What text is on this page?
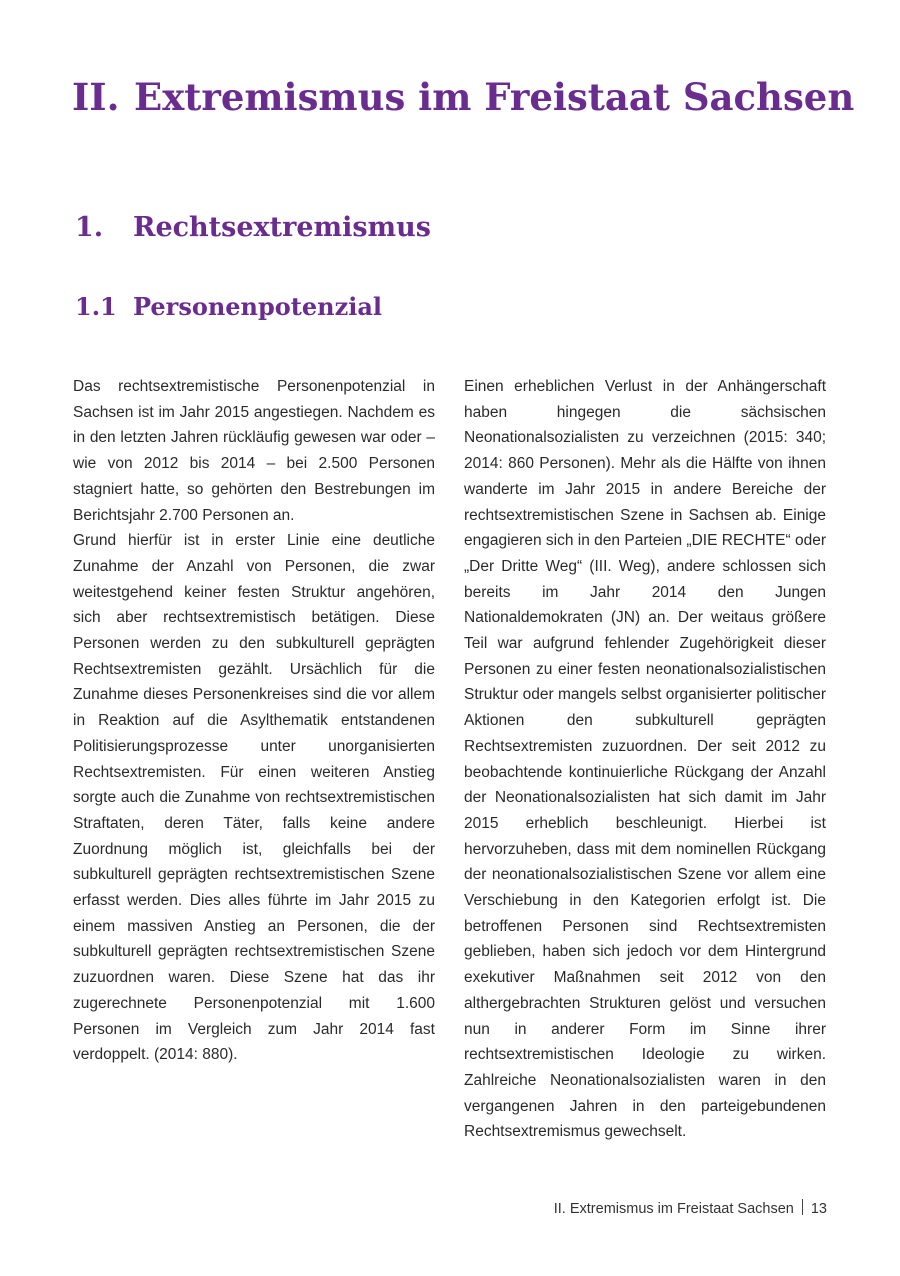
II. Extremismus im Freistaat Sachsen
1. Rechtsextremismus
1.1 Personenpotenzial

Das rechtsextremistische Personenpotenzial in Sachsen ist im Jahr 2015 angestiegen. Nachdem es in den letzten Jahren rückläufig gewesen war oder – wie von 2012 bis 2014 – bei 2.500 Personen stagniert hatte, so gehörten den Bestrebungen im Berichtsjahr 2.700 Personen an.

Grund hierfür ist in erster Linie eine deutliche Zunahme der Anzahl von Personen, die zwar weitestgehend keiner festen Struktur angehören, sich aber rechtsextremistisch betätigen. Diese Personen werden zu den subkulturell geprägten Rechtsextremisten gezählt. Ursächlich für die Zunahme dieses Personenkreises sind die vor allem in Reaktion auf die Asylthematik entstandenen Politisierungsprozesse unter unorganisierten Rechtsextremisten. Für einen weiteren Anstieg sorgte auch die Zunahme von rechtsextremistischen Straftaten, deren Täter, falls keine andere Zuordnung möglich ist, gleichfalls bei der subkulturell geprägten rechtsextremistischen Szene erfasst werden. Dies alles führte im Jahr 2015 zu einem massiven Anstieg an Personen, die der subkulturell geprägten rechtsextremistischen Szene zuzuordnen waren. Diese Szene hat das ihr zugerechnete Personenpotenzial mit 1.600 Personen im Vergleich zum Jahr 2014 fast verdoppelt. (2014: 880).

Einen erheblichen Verlust in der Anhängerschaft haben hingegen die sächsischen Neonationalsozialisten zu verzeichnen (2015: 340; 2014: 860 Personen). Mehr als die Hälfte von ihnen wanderte im Jahr 2015 in andere Bereiche der rechtsextremistischen Szene in Sachsen ab. Einige engagieren sich in den Parteien „DIE RECHTE“ oder „Der Dritte Weg“ (III. Weg), andere schlossen sich bereits im Jahr 2014 den Jungen Nationaldemokraten (JN) an. Der weitaus größere Teil war aufgrund fehlender Zugehörigkeit dieser Personen zu einer festen neonationalsozialistischen Struktur oder mangels selbst organisierter politischer Aktionen den subkulturell geprägten Rechtsextremisten zuzuordnen. Der seit 2012 zu beobachtende kontinuierliche Rückgang der Anzahl der Neonationalsozialisten hat sich damit im Jahr 2015 erheblich beschleunigt. Hierbei ist hervorzuheben, dass mit dem nominellen Rückgang der neonationalsozialistischen Szene vor allem eine Verschiebung in den Kategorien erfolgt ist. Die betroffenen Personen sind Rechtsextremisten geblieben, haben sich jedoch vor dem Hintergrund exekutiver Maßnahmen seit 2012 von den althergebrachten Strukturen gelöst und versuchen nun in anderer Form im Sinne ihrer rechtsextremistischen Ideologie zu wirken. Zahlreiche Neonationalsozialisten waren in den vergangenen Jahren in den parteigebundenen Rechtsextremismus gewechselt.

II. Extremismus im Freistaat Sachsen 13
